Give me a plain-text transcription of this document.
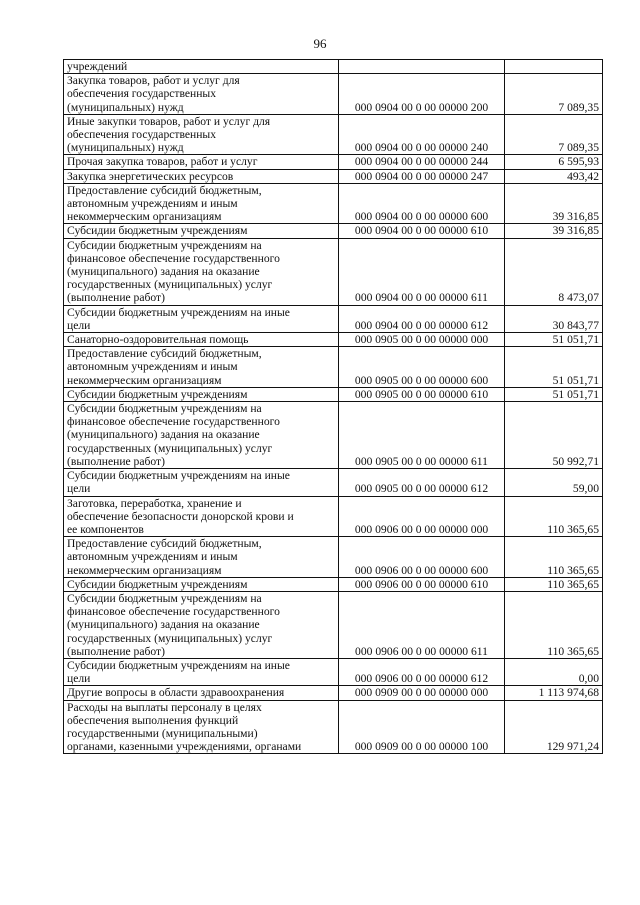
96
учреждений		
Закупка товаров, работ и услуг для
обеспечения государственных
(муниципальных) нужд	000 0904 00 0 00 00000 200	7 089,35
Иные закупки товаров, работ и услуг для
обеспечения государственных
(муниципальных) нужд	000 0904 00 0 00 00000 240	7 089,35
Прочая закупка товаров, работ и услуг	000 0904 00 0 00 00000 244	6 595,93
Закупка энергетических ресурсов	000 0904 00 0 00 00000 247	493,42
Предоставление субсидий бюджетным,
автономным учреждениям и иным
некоммерческим организациям	000 0904 00 0 00 00000 600	39 316,85
Субсидии бюджетным учреждениям	000 0904 00 0 00 00000 610	39 316,85
Субсидии бюджетным учреждениям на
финансовое обеспечение государственного
(муниципального) задания на оказание
государственных (муниципальных) услуг
(выполнение работ)	000 0904 00 0 00 00000 611	8 473,07
Субсидии бюджетным учреждениям на иные
цели	000 0904 00 0 00 00000 612	30 843,77
Санаторно-оздоровительная помощь	000 0905 00 0 00 00000 000	51 051,71
Предоставление субсидий бюджетным,
автономным учреждениям и иным
некоммерческим организациям	000 0905 00 0 00 00000 600	51 051,71
Субсидии бюджетным учреждениям	000 0905 00 0 00 00000 610	51 051,71
Субсидии бюджетным учреждениям на
финансовое обеспечение государственного
(муниципального) задания на оказание
государственных (муниципальных) услуг
(выполнение работ)	000 0905 00 0 00 00000 611	50 992,71
Субсидии бюджетным учреждениям на иные
цели	000 0905 00 0 00 00000 612	59,00
Заготовка, переработка, хранение и
обеспечение безопасности донорской крови и
ее компонентов	000 0906 00 0 00 00000 000	110 365,65
Предоставление субсидий бюджетным,
автономным учреждениям и иным
некоммерческим организациям	000 0906 00 0 00 00000 600	110 365,65
Субсидии бюджетным учреждениям	000 0906 00 0 00 00000 610	110 365,65
Субсидии бюджетным учреждениям на
финансовое обеспечение государственного
(муниципального) задания на оказание
государственных (муниципальных) услуг
(выполнение работ)	000 0906 00 0 00 00000 611	110 365,65
Субсидии бюджетным учреждениям на иные
цели	000 0906 00 0 00 00000 612	0,00
Другие вопросы в области здравоохранения	000 0909 00 0 00 00000 000	1 113 974,68
Расходы на выплаты персоналу в целях
обеспечения выполнения функций
государственными (муниципальными)
органами, казенными учреждениями, органами	000 0909 00 0 00 00000 100	129 971,24
